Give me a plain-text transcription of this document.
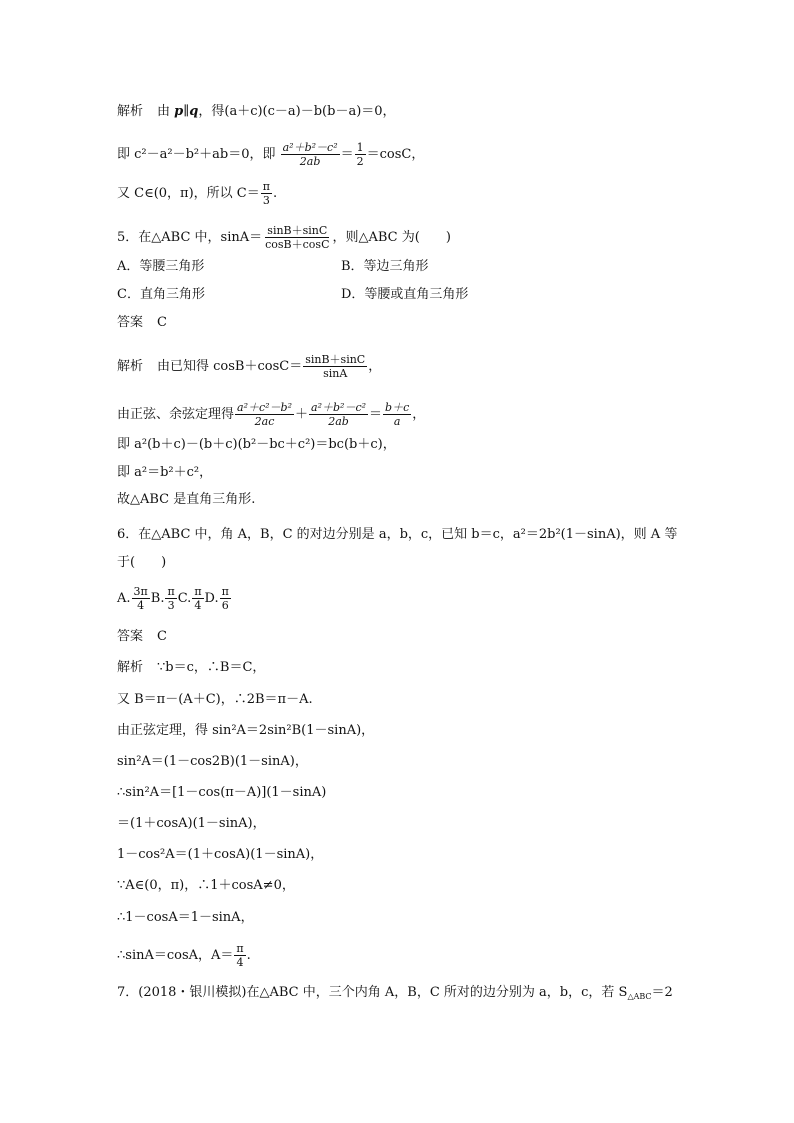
解析 由 p∥q，得(a＋c)(c－a)－b(b－a)＝0，
即 c²－a²－b²＋ab＝0，即 $\frac{\text{a²＋b²－c²}}{2ab} = \frac{1}{2} =\cos C$，
又 C∈(0，π)，所以 $C= \frac{\pi}{3}$ .
5．在△ABC 中，$\sin A= \frac{\sin B+\sin C}{\cos B+\cos C}$ ，则△ABC 为(　　)
A．等腰三角形	B．等边三角形
C．直角三角形	D．等腰或直角三角形
答案 C
解析 由已知得 $\cos B+\cos C= \frac{\sin B+\sin C}{\sin A}$ ，
由正弦、余弦定理得 $\frac{\text{a²＋c²－b²}}{2ac} + \frac{\text{a²＋b²－c²}}{2ab} = \frac{b+c}{a}$ ，
即 a²(b＋c)－(b＋c)(b²－bc＋c²)＝bc(b＋c)，
即 a²＝b²＋c²，
故△ABC 是直角三角形.
6．在△ABC 中，角 A，B，C 的对边分别是 a，b，c，已知 b＝c，a²＝2b²(1－sinA)，则 A 等
于(　　)
A. $\frac{3\pi}{4} B$. $\frac{\pi}{3} C$. $\frac{\pi}{4} D$. $\frac{\pi}{6}$
答案 C
解析 ∵b＝c，∴B＝C，
又 B＝π－(A＋C)，∴2B＝π－A.
由正弦定理，得 sin²A＝2sin²B(1－sinA)，
sin²A＝(1－cos2B)(1－sinA)，
∴sin²A＝[1－cos(π－A)](1－sinA)
＝(1＋cosA)(1－sinA)，
1－cos²A＝(1＋cosA)(1－sinA)，
∵A∈(0，π)，∴1＋cosA≠0，
∴1－cosA＝1－sinA，
∴sinA＝cosA，$A= \frac{\pi}{4}$ .
7．(2018・银川模拟)在△ABC 中，三个内角 A，B，C 所对的边分别为 a，b，c，若 $S_{\triangle ABC}=2$
